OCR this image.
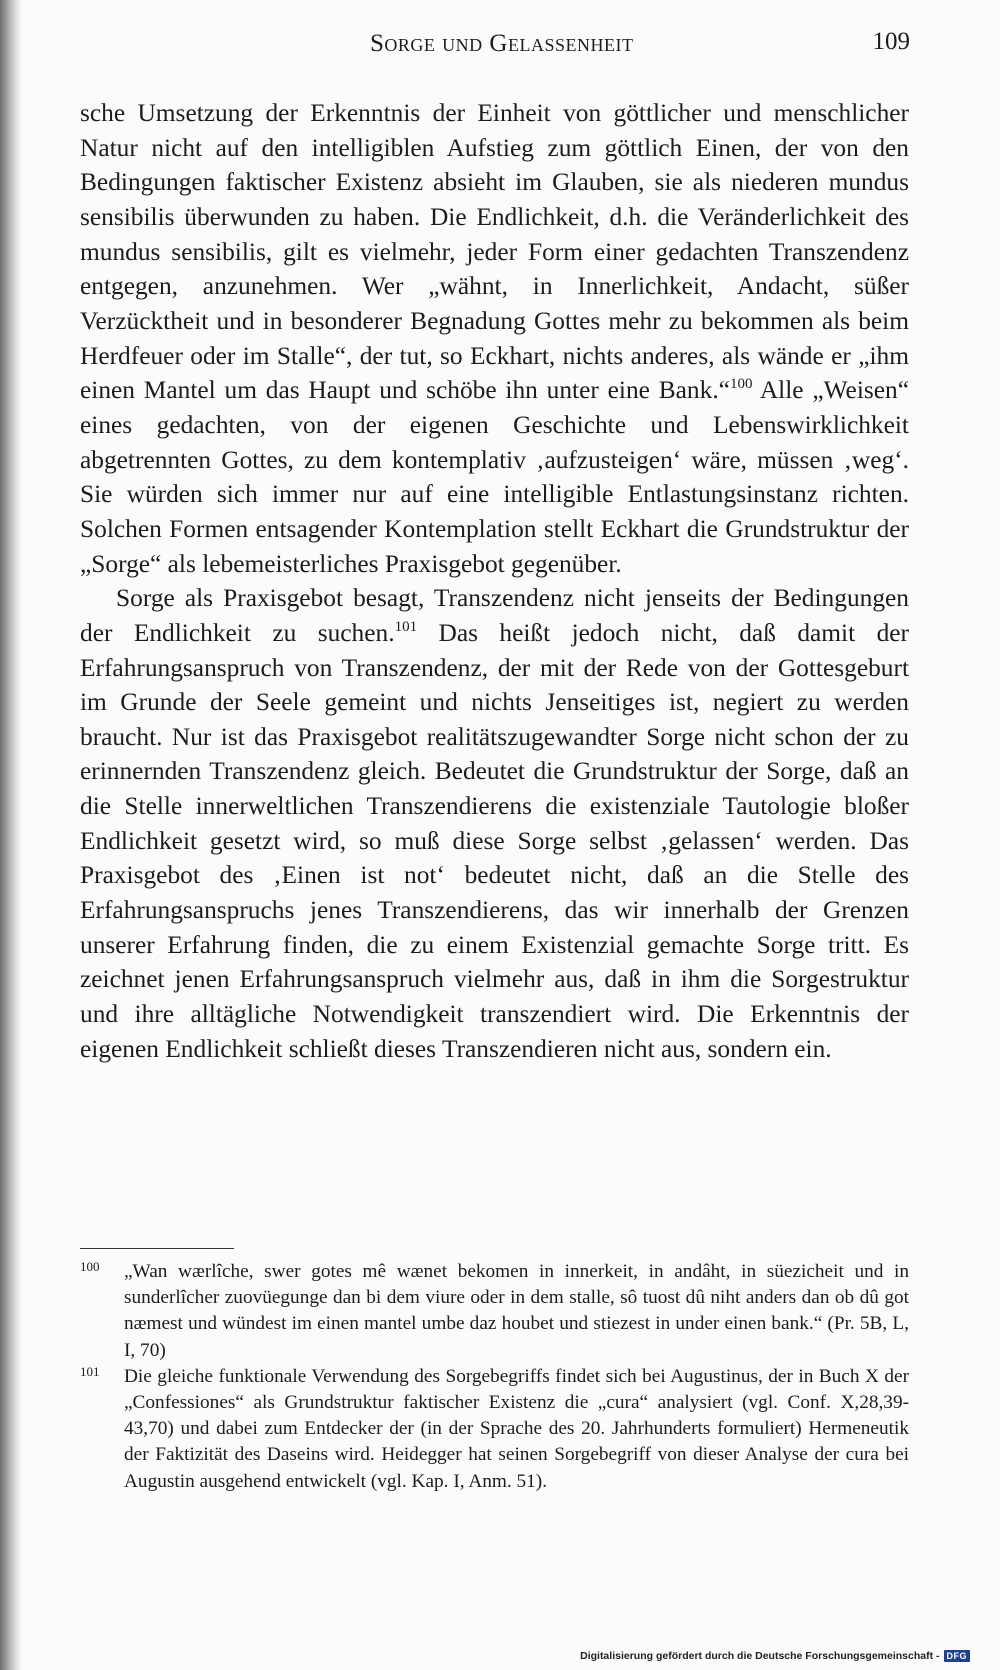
Sorge und Gelassenheit	109

sche Umsetzung der Erkenntnis der Einheit von göttlicher und menschlicher Natur nicht auf den intelligiblen Aufstieg zum göttlich Einen, der von den Bedingungen faktischer Existenz absieht im Glauben, sie als niederen mundus sensibilis überwunden zu haben. Die Endlichkeit, d.h. die Veränderlichkeit des mundus sensibilis, gilt es vielmehr, jeder Form einer gedachten Transzendenz entgegen, anzunehmen. Wer „wähnt, in Innerlichkeit, Andacht, süßer Verzücktheit und in besonderer Begnadung Gottes mehr zu bekommen als beim Herdfeuer oder im Stalle“, der tut, so Eckhart, nichts anderes, als wände er „ihm einen Mantel um das Haupt und schöbe ihn unter eine Bank.“$^{100}$ Alle „Weisen“ eines gedachten, von der eigenen Geschichte und Lebenswirklichkeit abgetrennten Gottes, zu dem kontemplativ ‚aufzusteigen‘ wäre, müssen ‚weg‘. Sie würden sich immer nur auf eine intelligible Entlastungsinstanz richten. Solchen Formen entsagender Kontemplation stellt Eckhart die Grundstruktur der „Sorge“ als lebemeisterliches Praxisgebot gegenüber.

Sorge als Praxisgebot besagt, Transzendenz nicht jenseits der Bedingungen der Endlichkeit zu suchen.$^{101}$ Das heißt jedoch nicht, daß damit der Erfahrungsanspruch von Transzendenz, der mit der Rede von der Gottesgeburt im Grunde der Seele gemeint und nichts Jenseitiges ist, negiert zu werden braucht. Nur ist das Praxisgebot realitätszugewandter Sorge nicht schon der zu erinnernden Transzendenz gleich. Bedeutet die Grundstruktur der Sorge, daß an die Stelle innerweltlichen Transzendierens die existenziale Tautologie bloßer Endlichkeit gesetzt wird, so muß diese Sorge selbst ‚gelassen‘ werden. Das Praxisgebot des ‚Einen ist not‘ bedeutet nicht, daß an die Stelle des Erfahrungsanspruchs jenes Transzendierens, das wir innerhalb der Grenzen unserer Erfahrung finden, die zu einem Existenzial gemachte Sorge tritt. Es zeichnet jenen Erfahrungsanspruch vielmehr aus, daß in ihm die Sorgestruktur und ihre alltägliche Notwendigkeit transzendiert wird. Die Erkenntnis der eigenen Endlichkeit schließt dieses Transzendieren nicht aus, sondern ein.

100 „Wan wærlîche, swer gotes mê wænet bekomen in innerkeit, in andâht, in süezicheit und in sunderlîcher zuovüegunge dan bi dem viure oder in dem stalle, sô tuost dû niht anders dan ob dû got næmest und wündest im einen mantel umbe daz houbet und stiezest in under einen bank.“ (Pr. 5B, L, I, 70)
101 Die gleiche funktionale Verwendung des Sorgebegriffs findet sich bei Augustinus, der in Buch X der „Confessiones“ als Grundstruktur faktischer Existenz die „cura“ analysiert (vgl. Conf. X,28,39-43,70) und dabei zum Entdecker der (in der Sprache des 20. Jahrhunderts formuliert) Hermeneutik der Faktizität des Daseins wird. Heidegger hat seinen Sorgebegriff von dieser Analyse der cura bei Augustin ausgehend entwickelt (vgl. Kap. I, Anm. 51).
Digitalisierung gefördert durch die Deutsche Forschungsgemeinschaft - DFG
